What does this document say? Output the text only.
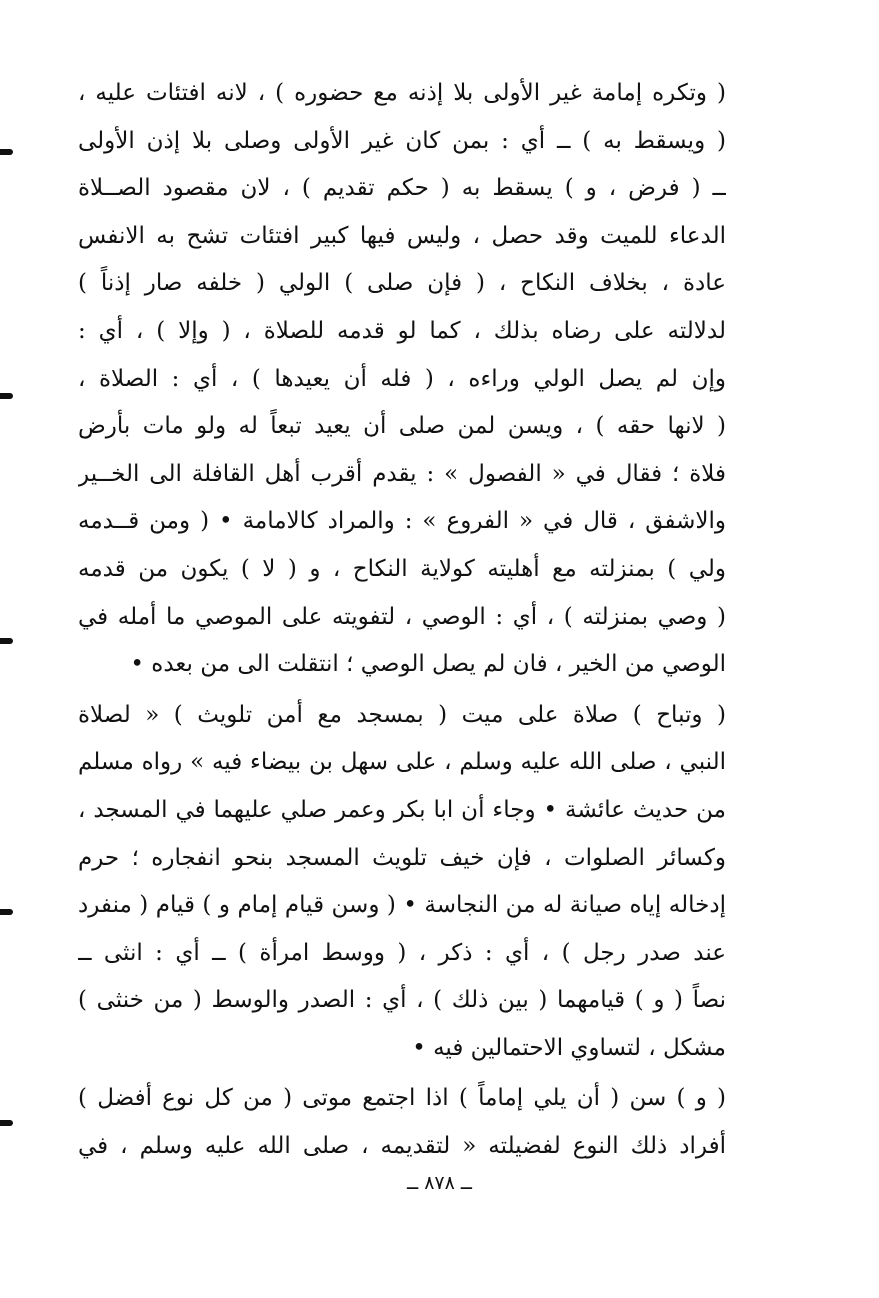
( وتكره إمامة غير الأولى بلا إذنه مع حضوره ) ، لانه افتئات عليه ،
( ويسقط به ) ــ أي : بمن كان غير الأولى وصلى بلا إذن الأولى
ــ ( فرض ، و ) يسقط به ( حكم تقديم ) ، لان مقصود الصــلاة
الدعاء للميت وقد حصل ، وليس فيها كبير افتئات تشح به الانفس
عادة ، بخلاف النكاح ، ( فإن صلى ) الولي ( خلفه صار إذناً )
لدلالته على رضاه بذلك ، كما لو قدمه للصلاة ، ( وإلا ) ، أي :
وإن لم يصل الولي وراءه ، ( فله أن يعيدها ) ، أي : الصلاة ،
( لانها حقه ) ، ويسن لمن صلى أن يعيد تبعاً له ولو مات بأرض
فلاة ؛ فقال في « الفصول » : يقدم أقرب أهل القافلة الى الخــير
والاشفق ، قال في « الفروع » : والمراد كالامامة • ( ومن قــدمه
ولي ) بمنزلته مع أهليته كولاية النكاح ، و ( لا ) يكون من قدمه
( وصي بمنزلته ) ، أي : الوصي ، لتفويته على الموصي ما أمله في
الوصي من الخير ، فان لم يصل الوصي ؛ انتقلت الى من بعده •
( وتباح ) صلاة على ميت ( بمسجد مع أمن تلويث ) « لصلاة
النبي ، صلى الله عليه وسلم ، على سهل بن بيضاء فيه » رواه مسلم
من حديث عائشة • وجاء أن ابا بكر وعمر صلي عليهما في المسجد ،
وكسائر الصلوات ، فإن خيف تلويث المسجد بنحو انفجاره ؛ حرم
إدخاله إياه صيانة له من النجاسة • ( وسن قيام إمام و ) قيام ( منفرد
عند صدر رجل ) ، أي : ذكر ، ( ووسط امرأة ) ــ أي : انثى ــ
نصاً ( و ) قيامهما ( بين ذلك ) ، أي : الصدر والوسط ( من خنثى )
مشكل ، لتساوي الاحتمالين فيه •
( و ) سن ( أن يلي إماماً ) اذا اجتمع موتى ( من كل نوع أفضل )
أفراد ذلك النوع لفضيلته « لتقديمه ، صلى الله عليه وسلم ، في
ــ ٨٧٨ ــ
